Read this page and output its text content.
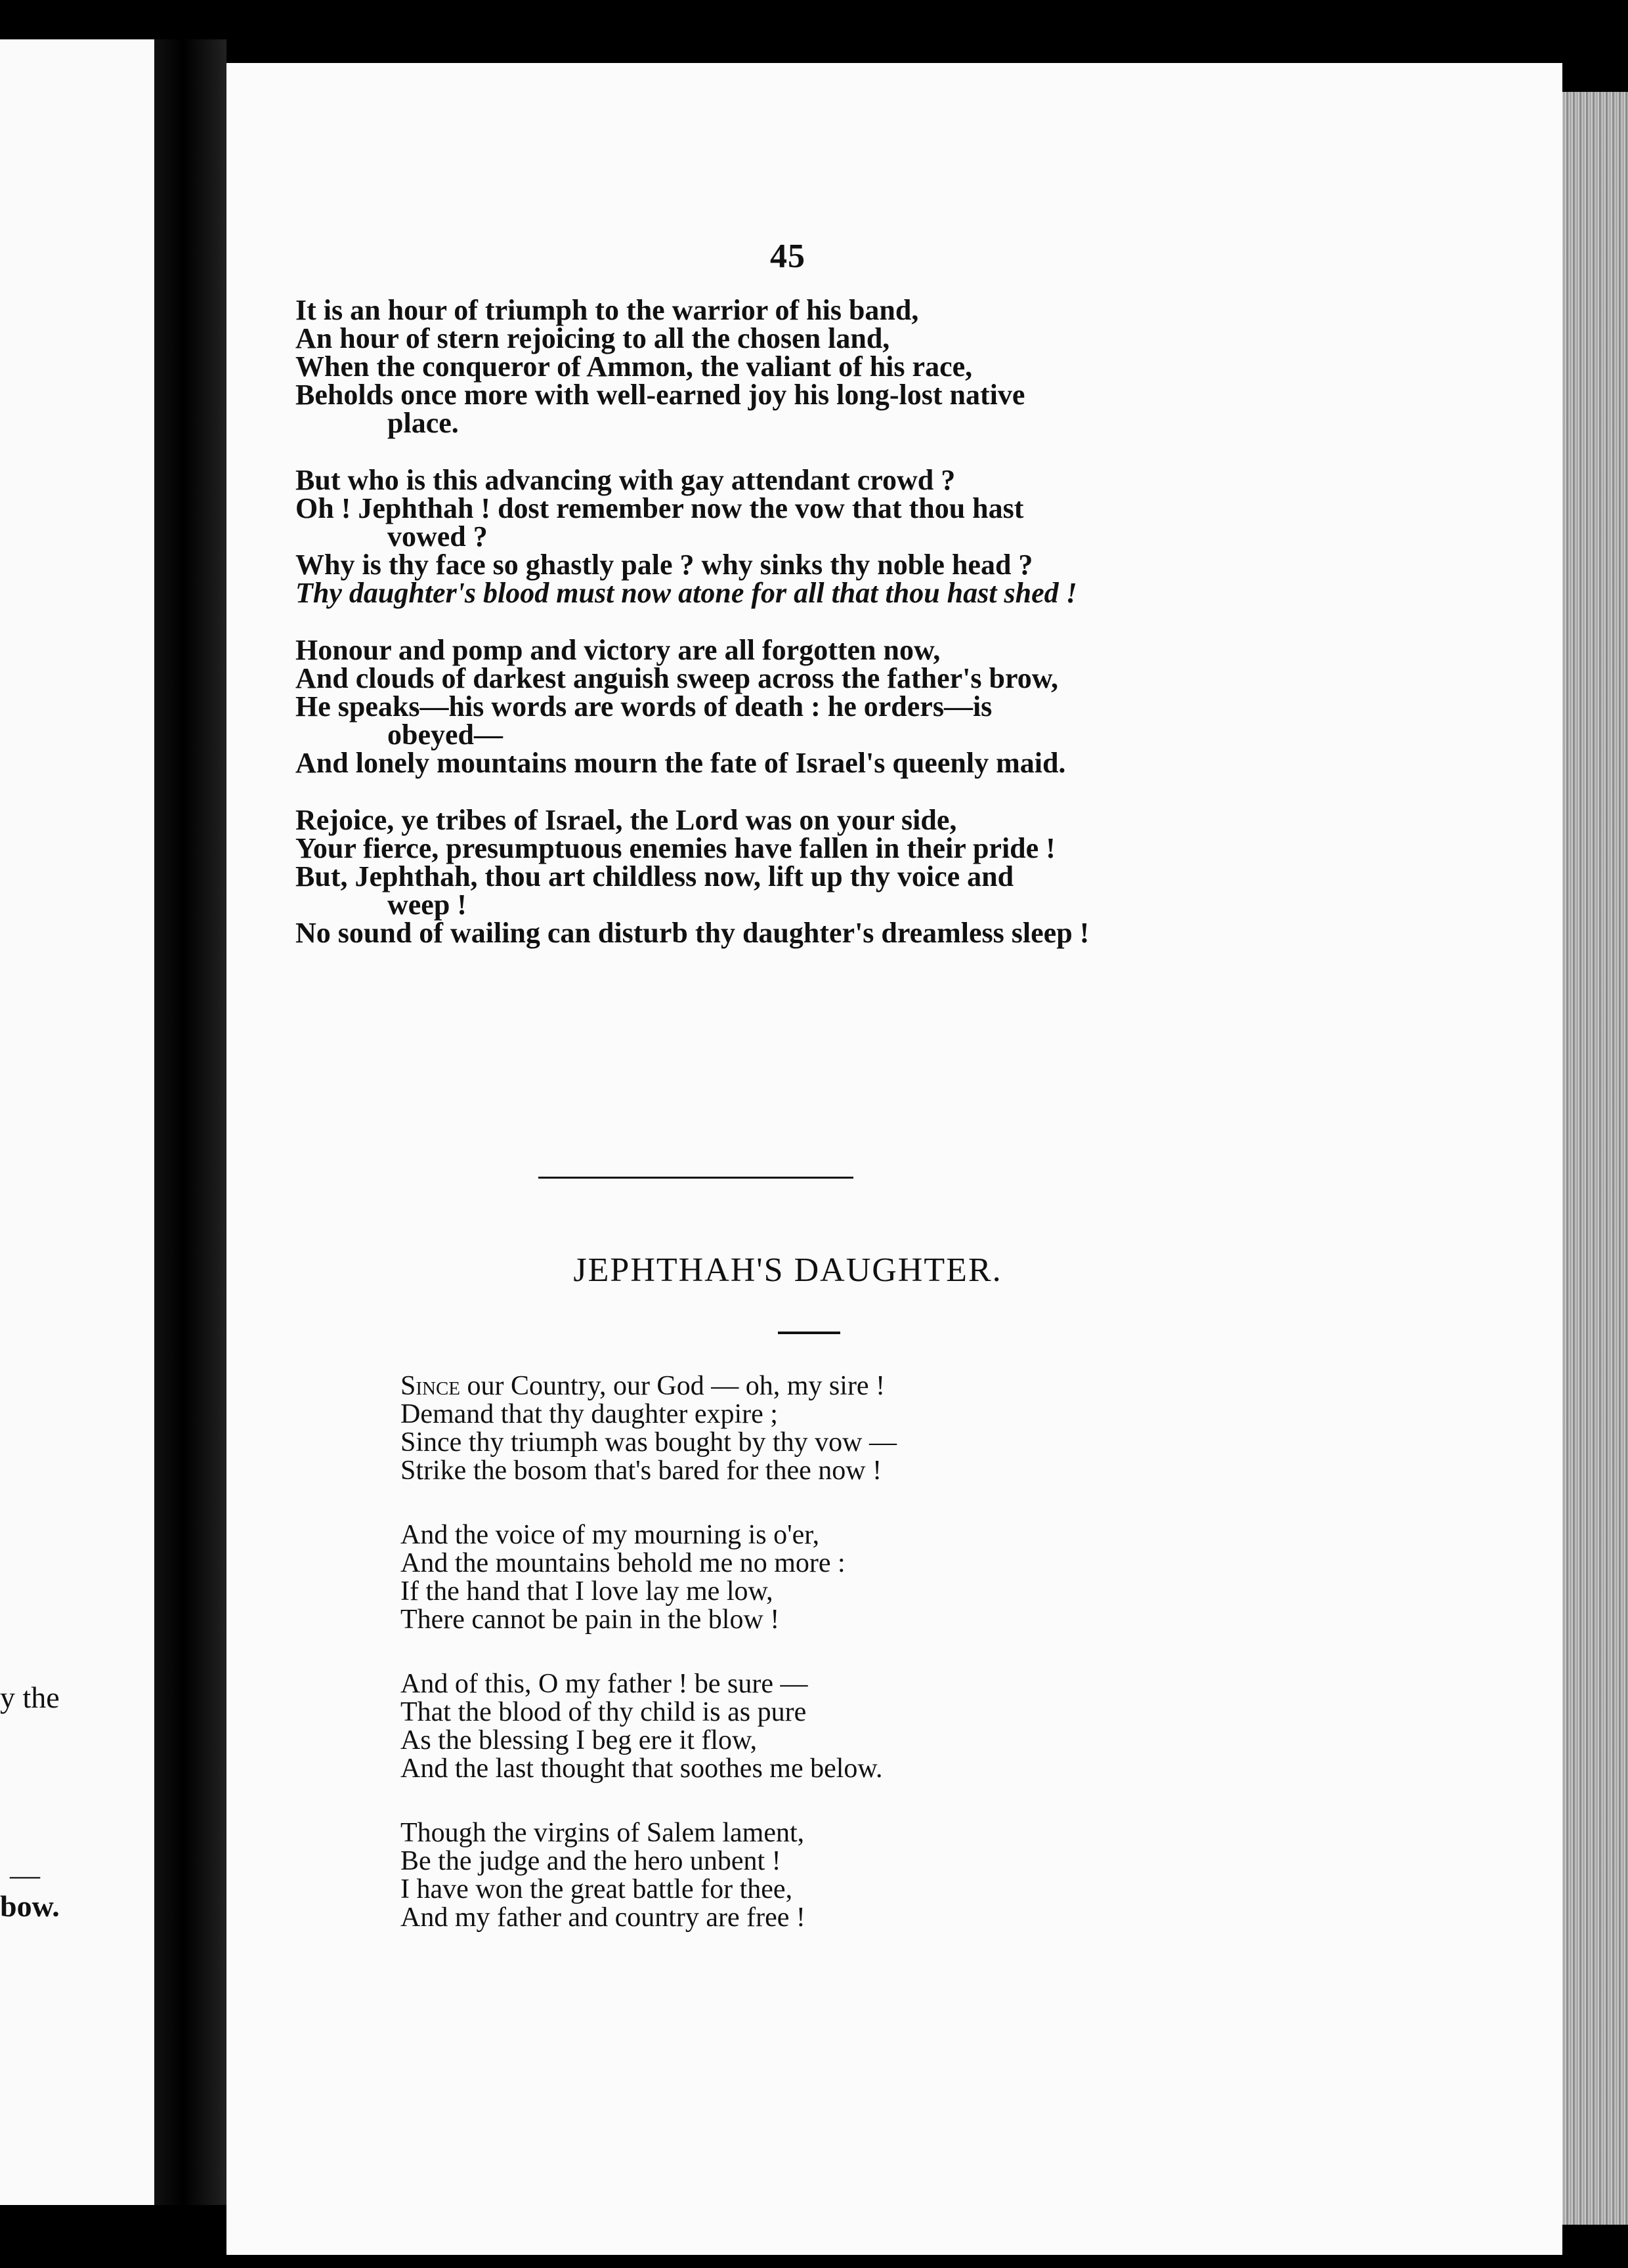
y the
—
bow.
45
It is an hour of triumph to the warrior of his band,
An hour of stern rejoicing to all the chosen land,
When the conqueror of Ammon, the valiant of his race,
Beholds once more with well-earned joy his long-lost native
place.
But who is this advancing with gay attendant crowd ?
Oh ! Jephthah ! dost remember now the vow that thou hast
vowed ?
Why is thy face so ghastly pale ? why sinks thy noble head ?
Thy daughter's blood must now atone for all that thou hast shed !
Honour and pomp and victory are all forgotten now,
And clouds of darkest anguish sweep across the father's brow,
He speaks—his words are words of death : he orders—is
obeyed—
And lonely mountains mourn the fate of Israel's queenly maid.
Rejoice, ye tribes of Israel, the Lord was on your side,
Your fierce, presumptuous enemies have fallen in their pride !
But, Jephthah, thou art childless now, lift up thy voice and
weep !
No sound of wailing can disturb thy daughter's dreamless sleep !
JEPHTHAH'S DAUGHTER.
Since our Country, our God — oh, my sire !
Demand that thy daughter expire ;
Since thy triumph was bought by thy vow —
Strike the bosom that's bared for thee now !
And the voice of my mourning is o'er,
And the mountains behold me no more :
If the hand that I love lay me low,
There cannot be pain in the blow !
And of this, O my father ! be sure —
That the blood of thy child is as pure
As the blessing I beg ere it flow,
And the last thought that soothes me below.
Though the virgins of Salem lament,
Be the judge and the hero unbent !
I have won the great battle for thee,
And my father and country are free !
